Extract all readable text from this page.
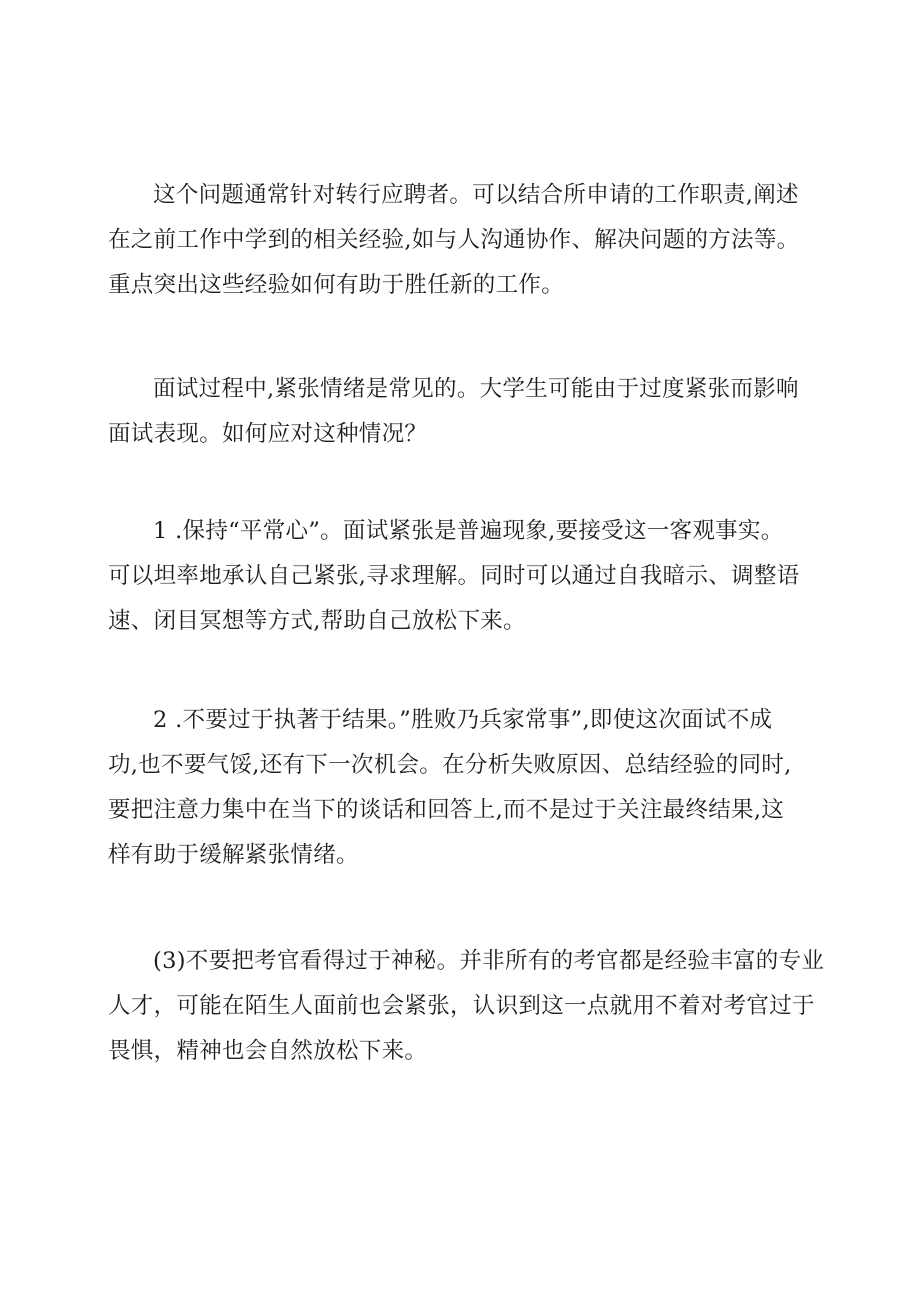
这个问题通常针对转行应聘者。可以结合所申请的工作职责,阐述
在之前工作中学到的相关经验,如与人沟通协作、解决问题的方法等。
重点突出这些经验如何有助于胜任新的工作。

面试过程中,紧张情绪是常见的。大学生可能由于过度紧张而影响
面试表现。如何应对这种情况？

1 .保持“平常心”。面试紧张是普遍现象,要接受这一客观事实。
可以坦率地承认自己紧张,寻求理解。同时可以通过自我暗示、调整语
速、闭目冥想等方式,帮助自己放松下来。

2 .不要过于执著于结果。”胜败乃兵家常事”,即使这次面试不成
功,也不要气馁,还有下一次机会。在分析失败原因、总结经验的同时,
要把注意力集中在当下的谈话和回答上,而不是过于关注最终结果,这
样有助于缓解紧张情绪。

(3)不要把考官看得过于神秘。并非所有的考官都是经验丰富的专业
人才，可能在陌生人面前也会紧张，认识到这一点就用不着对考官过于
畏惧，精神也会自然放松下来。
